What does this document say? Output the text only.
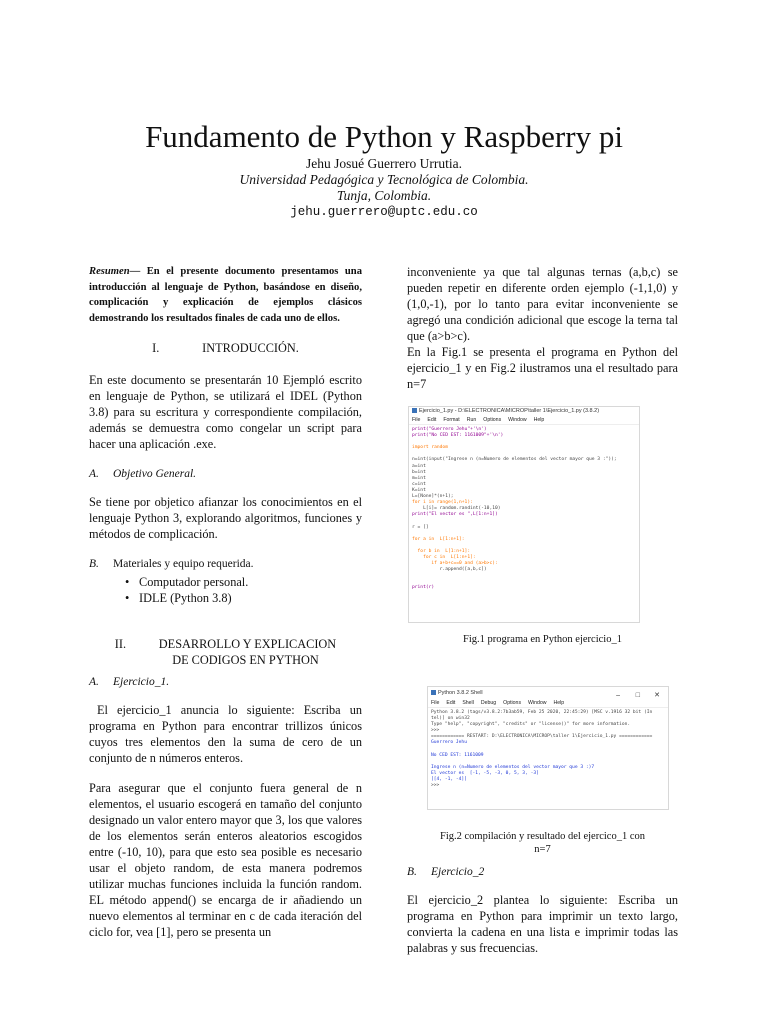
Fundamento de Python y Raspberry pi
Jehu Josué Guerrero Urrutia.
Universidad Pedagógica y Tecnológica de Colombia.
Tunja, Colombia.
jehu.guerrero@uptc.edu.co

Resumen— En el presente documento presentamos una introducción al lenguaje de Python, basándose en diseño, complicación y explicación de ejemplos clásicos demostrando los resultados finales de cada uno de ellos.

I.	INTRODUCCIÓN.

En este documento se presentarán 10 Ejempló escrito en lenguaje de Python, se utilizará el IDEL (Python 3.8) para su escritura y correspondiente compilación, además se demuestra como congelar un script para hacer una aplicación .exe.

A. Objetivo General.

Se tiene por objetico afianzar los conocimientos en el lenguaje Python 3, explorando algoritmos, funciones y métodos de complicación.

B. Materiales y equipo requerida.
• Computador personal.
• IDLE (Python 3.8)
II.	DESARROLLO Y EXPLICACION
DE CODIGOS EN PYTHON
A. Ejercicio_1.

El ejercicio_1 anuncia lo siguiente: Escriba un programa en Python para encontrar trillizos únicos cuyos tres elementos den la suma de cero de un conjunto de n números enteros.

Para asegurar que el conjunto fuera general de n elementos, el usuario escogerá en tamaño del conjunto designado un valor entero mayor que 3, los que valores de los elementos serán enteros aleatorios escogidos entre (-10, 10), para que esto sea posible es necesario usar el objeto random, de esta manera podremos utilizar muchas funciones incluida la función random. EL método append() se encarga de ir añadiendo un nuevo elementos al terminar en c de cada iteración del ciclo for, vea [1], pero se presenta un

inconveniente ya que tal algunas ternas (a,b,c) se pueden repetir en diferente orden ejemplo (-1,1,0) y (1,0,-1), por lo tanto para evitar inconveniente se agregó una condición adicional que escoge la terna tal que (a>b>c).
En la Fig.1 se presenta el programa en Python del ejercicio_1 y en Fig.2 ilustramos una el resultado para n=7
Ejercicio_1.py - D:\ELECTRONICA\MICROP\taller 1\Ejercicio_1.py (3.8.2)
File Edit Format Run Options Window Help
print("Guerrero Jehu"+'\n')
print("No CED EST: 1161009"+'\n')

import random

n=int(input("Ingrese n (n=Numero de elementos del vector mayor que 3 :"));
a=int
b=int
m=int
c=int
K=int
L=[None]*(n+1);
for i in range(1,n+1):
L[i]= random.randint(-10,10)
print("El vector es ",L[1:n+1])

r = []

for a in  L[1:n+1]:

for b in  L[1:n+1]:
for c in  L[1:n+1]:
if a+b+c==0 and (a>b>c):
r.append([a,b,c])

print(r)
Fig.1 programa en Python ejercicio_1
Python 3.8.2 Shell	– □ ✕
File Edit Shell Debug Options Window Help
Python 3.8.2 (tags/v3.8.2:7b3ab59, Feb 25 2020, 22:45:29) [MSC v.1916 32 bit (In
tel)] on win32
Type "help", "copyright", "credits" or "license()" for more information.
>>>
============ RESTART: D:\ELECTRONICA\MICROP\taller 1\Ejercicio_1.py ============
Guerrero Jehu

No CED EST: 1161009

Ingrese n (n=Numero de elementos del vector mayor que 3 :)7
El vector es  [-1, -5, -3, 0, 5, 3, -3]
[[4, -1, -4]]
>>>
Fig.2 compilación y resultado del ejercico_1 con
n=7
B. Ejercicio_2

El ejercicio_2 plantea lo siguiente: Escriba un programa en Python para imprimir un texto largo, convierta la cadena en una lista e imprimir todas las palabras y sus frecuencias.
